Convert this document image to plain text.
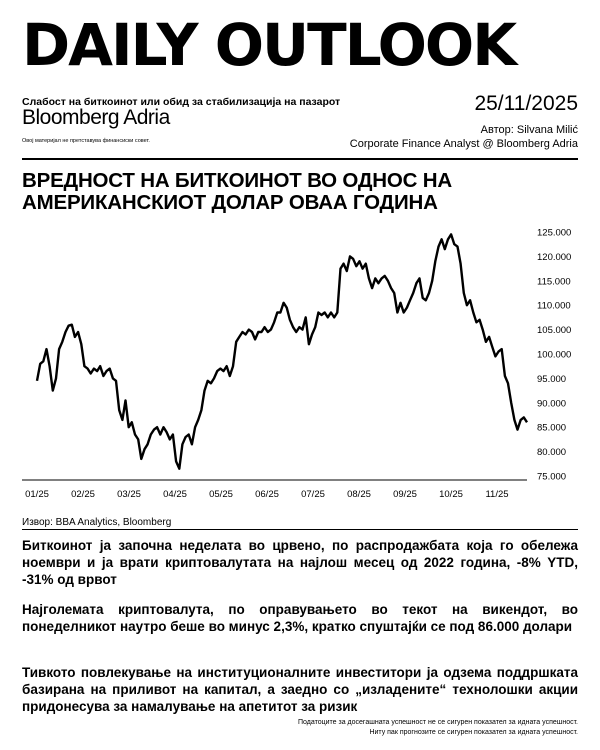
DAILY OUTLOOK
Слабост на биткоинот или обид за стабилизација на пазарот
Bloomberg Adria
Овој материјал не претставува финансиски совет.
25/11/2025
Автор: Silvana Milić
Corporate Finance Analyst @ Bloomberg Adria
ВРЕДНОСТ НА БИТКОИНОТ ВО ОДНОС НА
АМЕРИКАНСКИОТ ДОЛАР ОВАА ГОДИНА
75.000
80.000
85.000
90.000
95.000
100.000
105.000
110.000
115.000
120.000
125.000
01/25 02/25 03/25 04/25 05/25 06/25 07/25 08/25 09/25 10/25 11/25
Извор: BBA Analytics, Bloomberg
Биткоинот ја започна неделата во црвено, по распродажбата која го обележа ноември и ја врати криптовалутата на најлош месец од 2022 година, -8% YTD, -31% од врвот
Најголемата криптовалута, по оправувањето во текот на викендот, во понеделникот наутро беше во минус 2,3%, кратко спуштајќи се под 86.000 долари
Тивкото повлекување на институционалните инвеститори ја одзема поддршката базирана на приливот на капитал, а заедно со „изладените“ технолошки акции придонесува за намалување на апетитот за ризик
Податоците за досегашната успешност не се сигурен показател за идната успешност.
Ниту пак прогнозите се сигурен показател за идната успешност.
